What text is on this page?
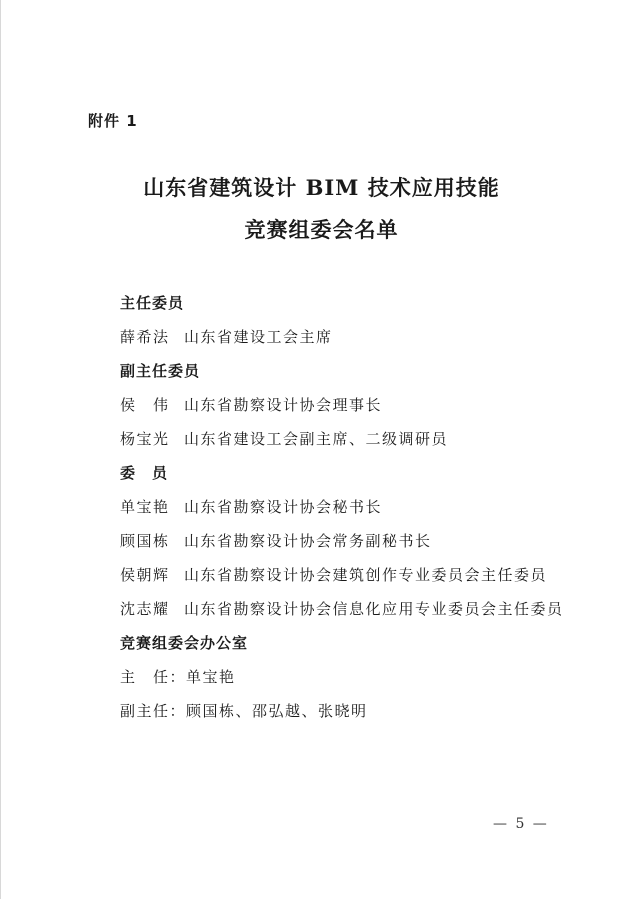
附件 1
山东省建筑设计 BIM 技术应用技能
竞赛组委会名单
主任委员
薛希法 山东省建设工会主席
副主任委员
侯　伟 山东省勘察设计协会理事长
杨宝光 山东省建设工会副主席、二级调研员
委　员
单宝艳 山东省勘察设计协会秘书长
顾国栋 山东省勘察设计协会常务副秘书长
侯朝辉 山东省勘察设计协会建筑创作专业委员会主任委员
沈志耀 山东省勘察设计协会信息化应用专业委员会主任委员
竞赛组委会办公室
主　任：单宝艳
副主任：顾国栋、邵弘越、张晓明
— 5 —
